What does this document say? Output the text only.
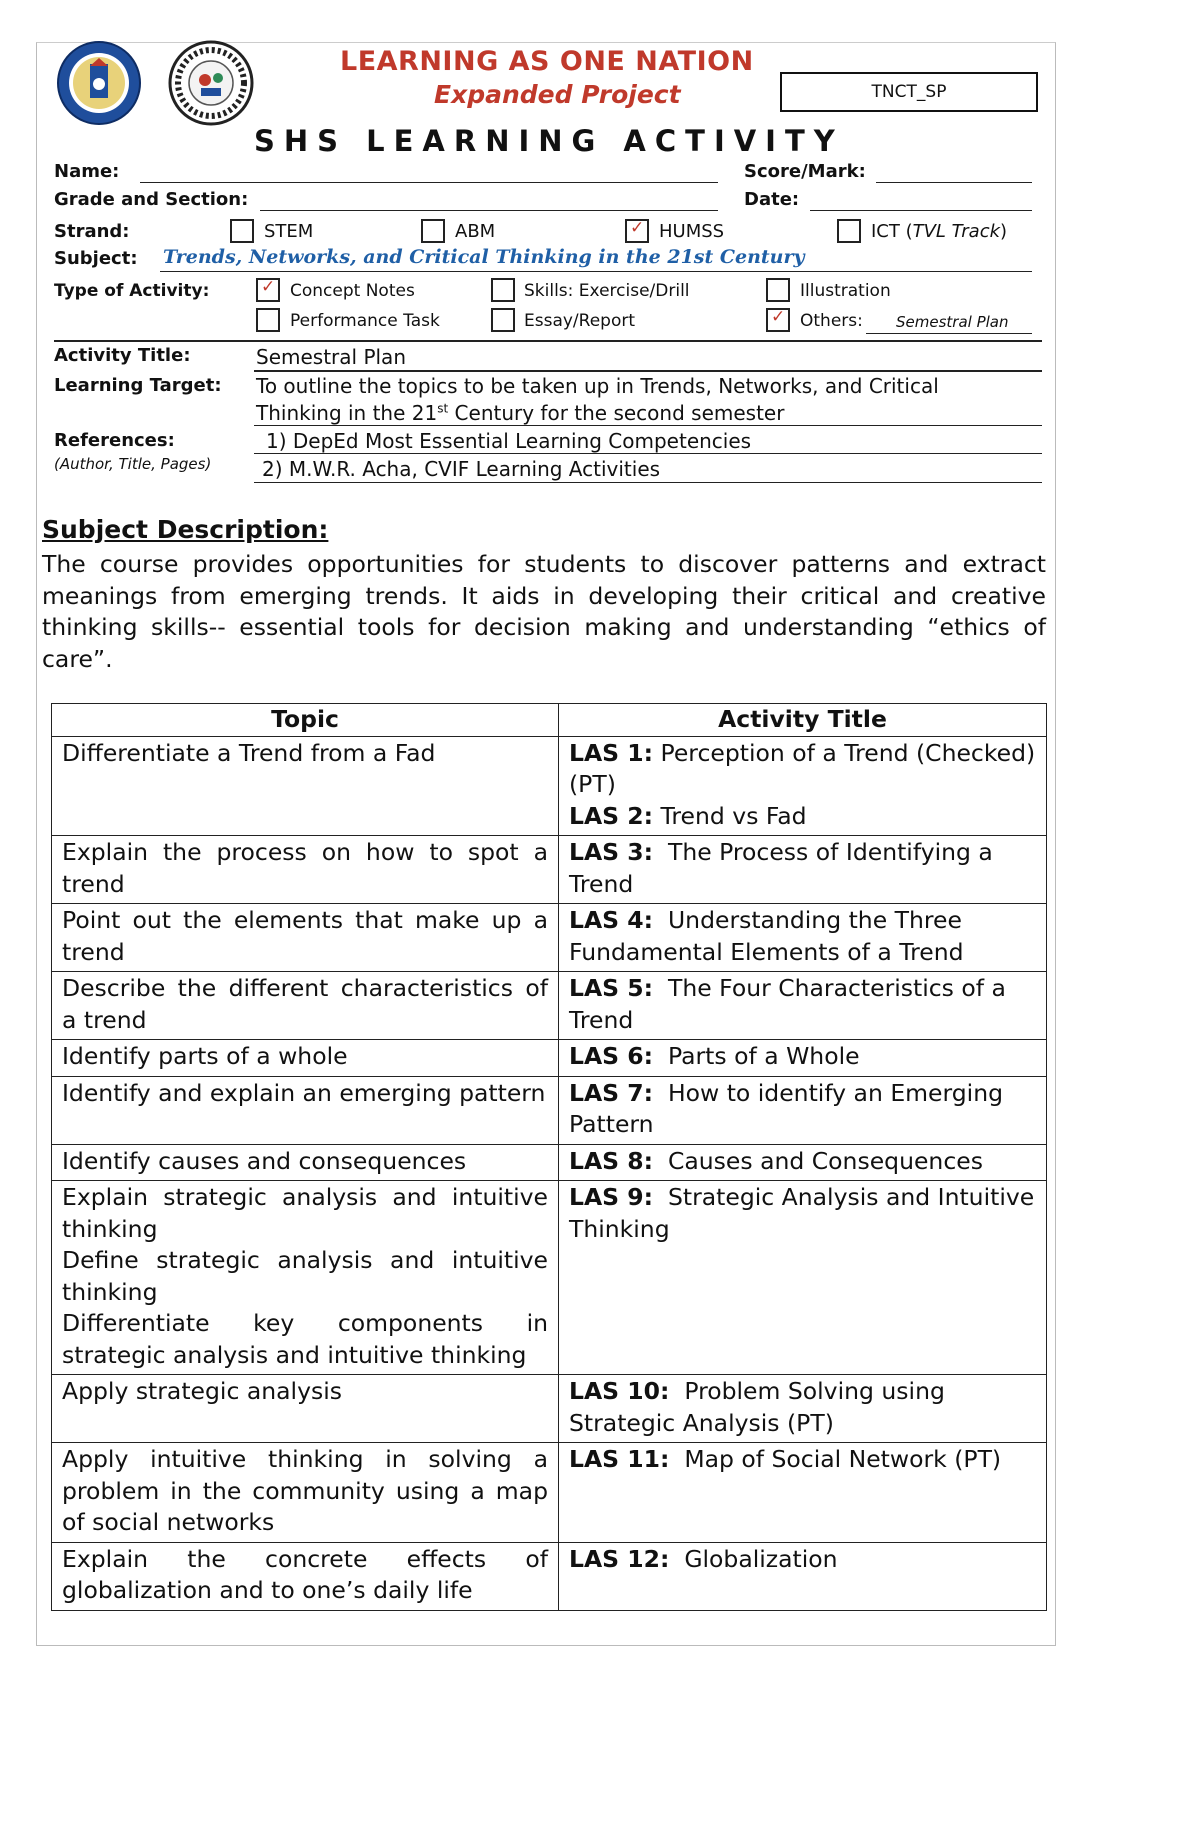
LEARNING AS ONE NATION
Expanded Project	TNCT_SP
SHS LEARNING ACTIVITY
Name:	Score/Mark:
Grade and Section:	Date:
Strand:	STEM	ABM	✓ HUMSS	ICT (TVL Track)
Subject: Trends, Networks, and Critical Thinking in the 21st Century
Type of Activity:	✓ Concept Notes	Skills: Exercise/Drill	Illustration
Performance Task	Essay/Report	✓ Others: Semestral Plan
Activity Title:	Semestral Plan
Learning Target: To outline the topics to be taken up in Trends, Networks, and Critical
Thinking in the 21st Century for the second semester
References:
(Author, Title, Pages)
1) DepEd Most Essential Learning Competencies
2) M.W.R. Acha, CVIF Learning Activities
Subject Description:
The course provides opportunities for students to discover patterns and extract meanings from emerging trends. It aids in developing their critical and creative thinking skills-- essential tools for decision making and understanding “ethics of care”.
Topic	Activity Title

Differentiate a Trend from a Fad	LAS 1: Perception of a Trend (Checked) (PT)
LAS 2: Trend vs Fad

Explain the process on how to spot a trend	LAS 3:  The Process of Identifying a Trend

Point out the elements that make up a trend	LAS 4:  Understanding the Three Fundamental Elements of a Trend

Describe the different characteristics of a trend	LAS 5:  The Four Characteristics of a Trend

Identify parts of a whole	LAS 6:  Parts of a Whole

Identify and explain an emerging pattern	LAS 7:  How to identify an Emerging Pattern

Identify causes and consequences	LAS 8:  Causes and Consequences

Explain strategic analysis and intuitive thinking
Define strategic analysis and intuitive thinking
Differentiate key components in strategic analysis and intuitive thinking	LAS 9:  Strategic Analysis and Intuitive Thinking

Apply strategic analysis	LAS 10:  Problem Solving using Strategic Analysis (PT)

Apply intuitive thinking in solving a problem in the community using a map of social networks	LAS 11:  Map of Social Network (PT)

Explain the concrete effects of globalization and to one’s daily life	LAS 12:  Globalization
